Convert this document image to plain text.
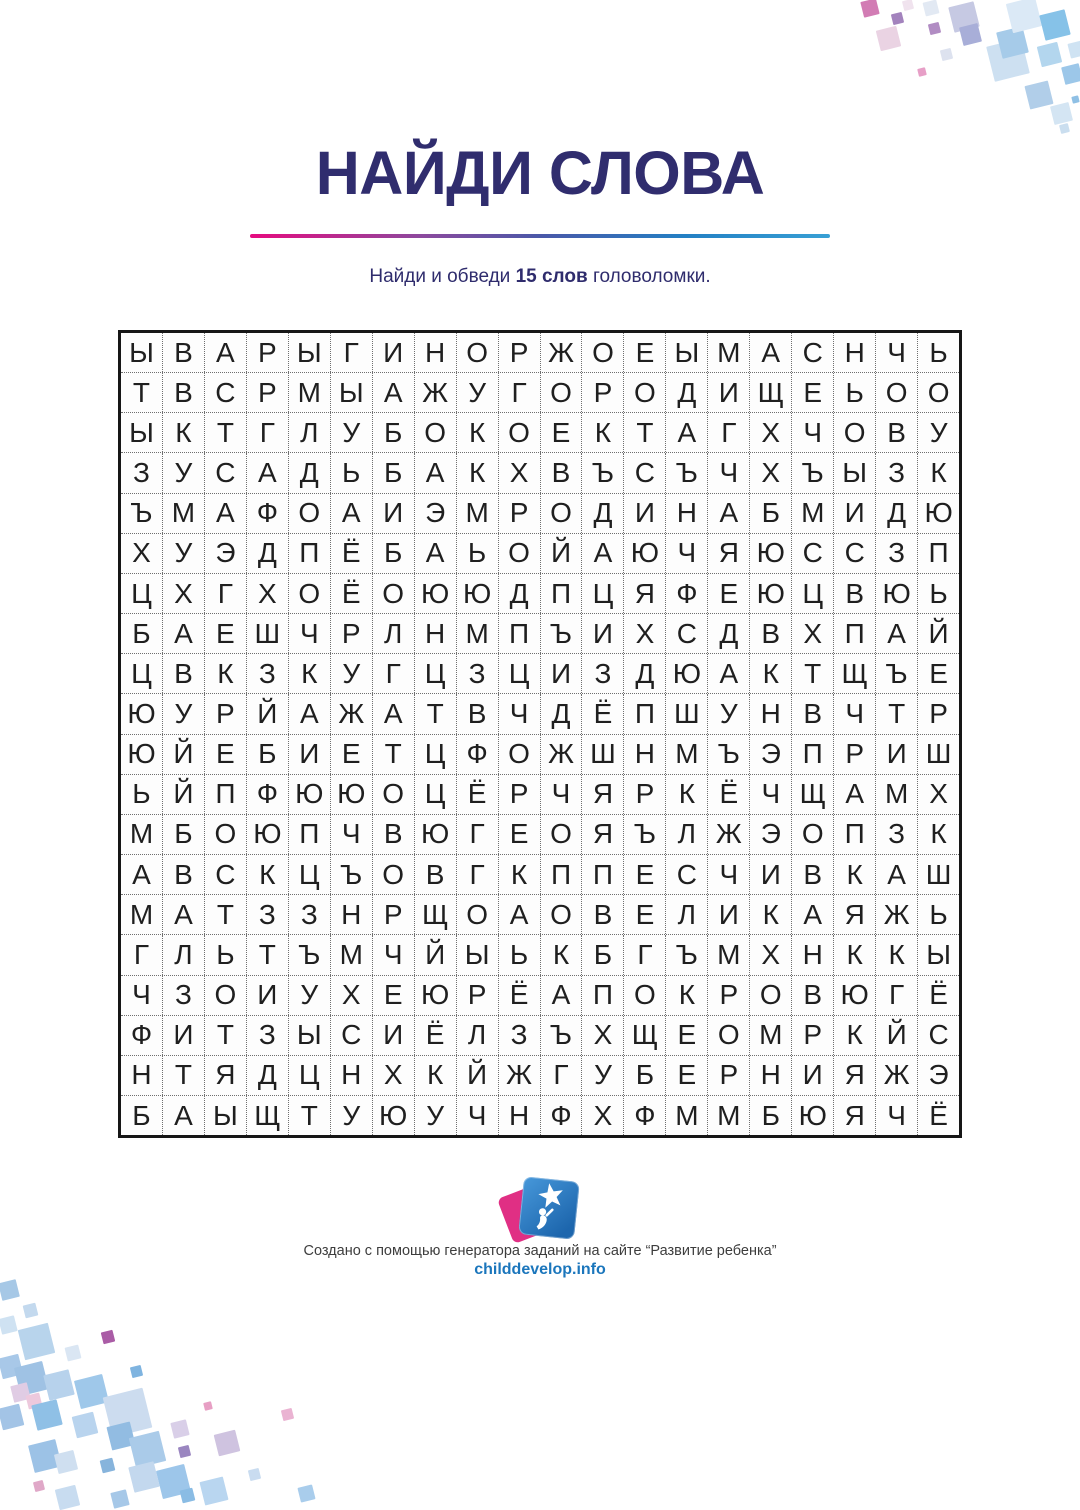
НАЙДИ СЛОВА
Найди и обведи 15 слов головоломки.
Ы В А Р Ы Г И Н О Р Ж О Е Ы М А С Н Ч Ь
Т В С Р М Ы А Ж У Г О Р О Д И Щ Е Ь О О
Ы К Т Г Л У Б О К О Е К Т А Г Х Ч О В У
З У С А Д Ь Б А К Х В Ъ С Ъ Ч Х Ъ Ы З К
Ъ М А Ф О А И Э М Р О Д И Н А Б М И Д Ю
Х У Э Д П Ё Б А Ь О Й А Ю Ч Я Ю С С З П
Ц Х Г Х О Ё О Ю Ю Д П Ц Я Ф Е Ю Ц В Ю Ь
Б А Е Ш Ч Р Л Н М П Ъ И Х С Д В Х П А Й
Ц В К З К У Г Ц З Ц И З Д Ю А К Т Щ Ъ Е
Ю У Р Й А Ж А Т В Ч Д Ё П Ш У Н В Ч Т Р
Ю Й Е Б И Е Т Ц Ф О Ж Ш Н М Ъ Э П Р И Ш
Ь Й П Ф Ю Ю О Ц Ё Р Ч Я Р К Ё Ч Щ А М Х
М Б О Ю П Ч В Ю Г Е О Я Ъ Л Ж Э О П З К
А В С К Ц Ъ О В Г К П П Е С Ч И В К А Ш
М А Т З З Н Р Щ О А О В Е Л И К А Я Ж Ь
Г Л Ь Т Ъ М Ч Й Ы Ь К Б Г Ъ М Х Н К К Ы
Ч З О И У Х Е Ю Р Ё А П О К Р О В Ю Г Ё
Ф И Т З Ы С И Ё Л З Ъ Х Щ Е О М Р К Й С
Н Т Я Д Ц Н Х К Й Ж Г У Б Е Р Н И Я Ж Э
Б А Ы Щ Т У Ю У Ч Н Ф Х Ф М М Б Ю Я Ч Ё
Создано с помощью генератора заданий на сайте “Развитие ребенка”
childdevelop.info
